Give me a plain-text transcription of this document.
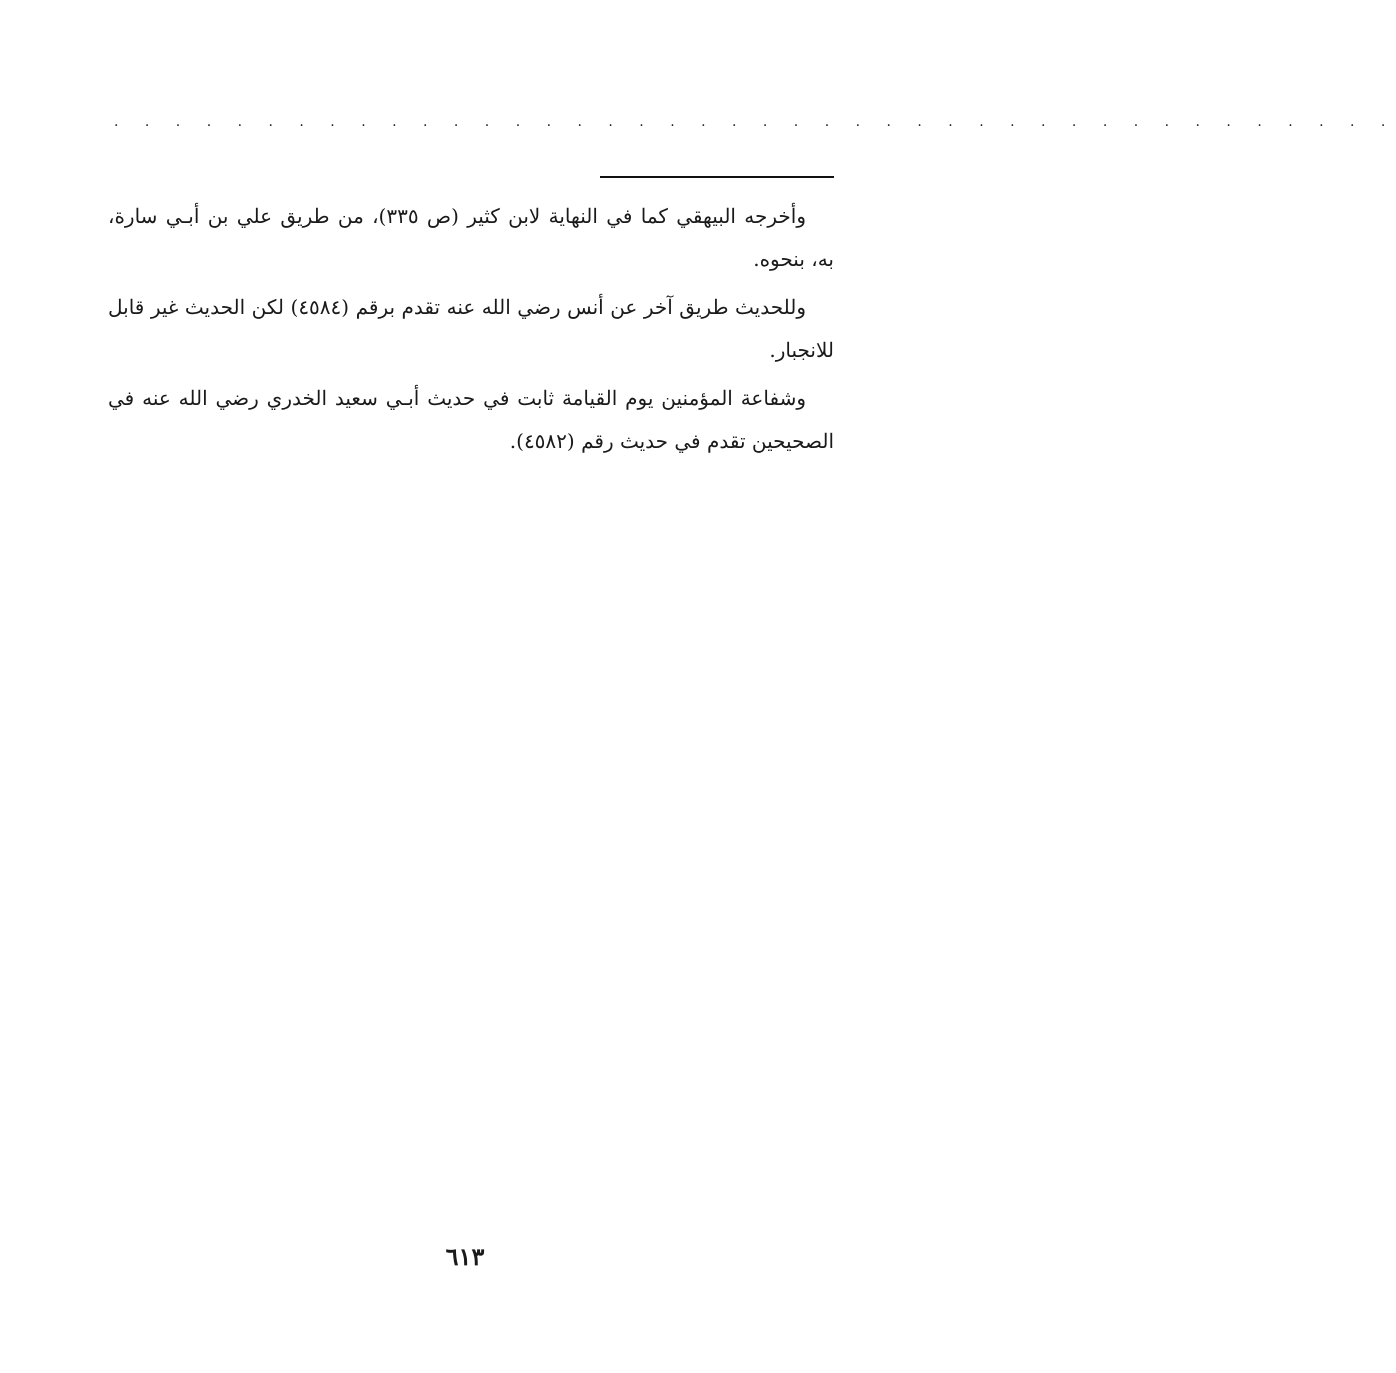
. . . . . . . . . . . . . . . . . . . . . . . . . . . . . . . . . . . . . . . . . .

وأخرجه البيهقي كما في النهاية لابن كثير (ص ٣٣٥)، من طريق علي بن أبـي سارة، به، بنحوه.

وللحديث طريق آخر عن أنس رضي الله عنه تقدم برقم (٤٥٨٤) لكن الحديث غير قابل للانجبار.

وشفاعة المؤمنين يوم القيامة ثابت في حديث أبـي سعيد الخدري رضي الله عنه في الصحيحين تقدم في حديث رقم (٤٥٨٢).

٦١٣
